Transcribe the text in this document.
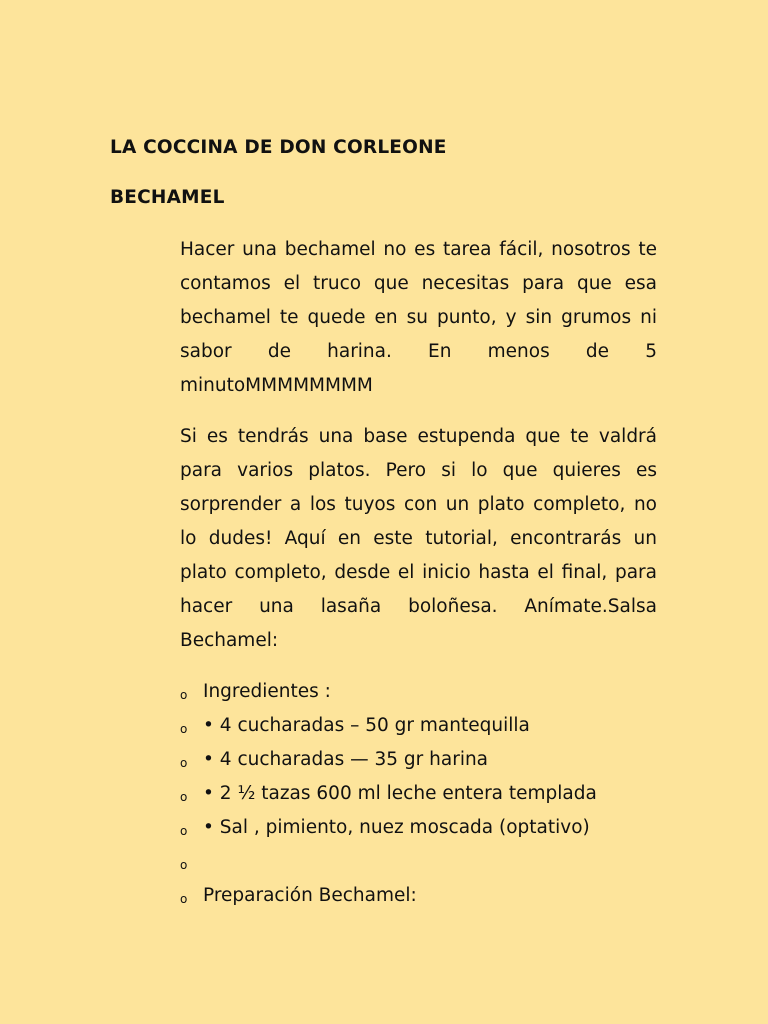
LA COCCINA DE DON CORLEONE
BECHAMEL

Hacer una bechamel no es tarea fácil, nosotros te contamos el truco que necesitas para que esa bechamel te quede en su punto, y sin grumos ni sabor de harina. En menos de 5 minutoMMMMMMMM

Si es tendrás una base estupenda que te valdrá para varios platos. Pero si lo que quieres es sorprender a los tuyos con un plato completo, no lo dudes! Aquí en este tutorial, encontrarás un plato completo, desde el inicio hasta el final, para hacer una lasaña boloñesa. Anímate.Salsa Bechamel:

o Ingredientes :
o • 4 cucharadas – 50 gr mantequilla
o • 4 cucharadas — 35 gr harina
o • 2 ½ tazas 600 ml leche entera templada
o • Sal , pimiento, nuez moscada (optativo)
o
o Preparación Bechamel:
